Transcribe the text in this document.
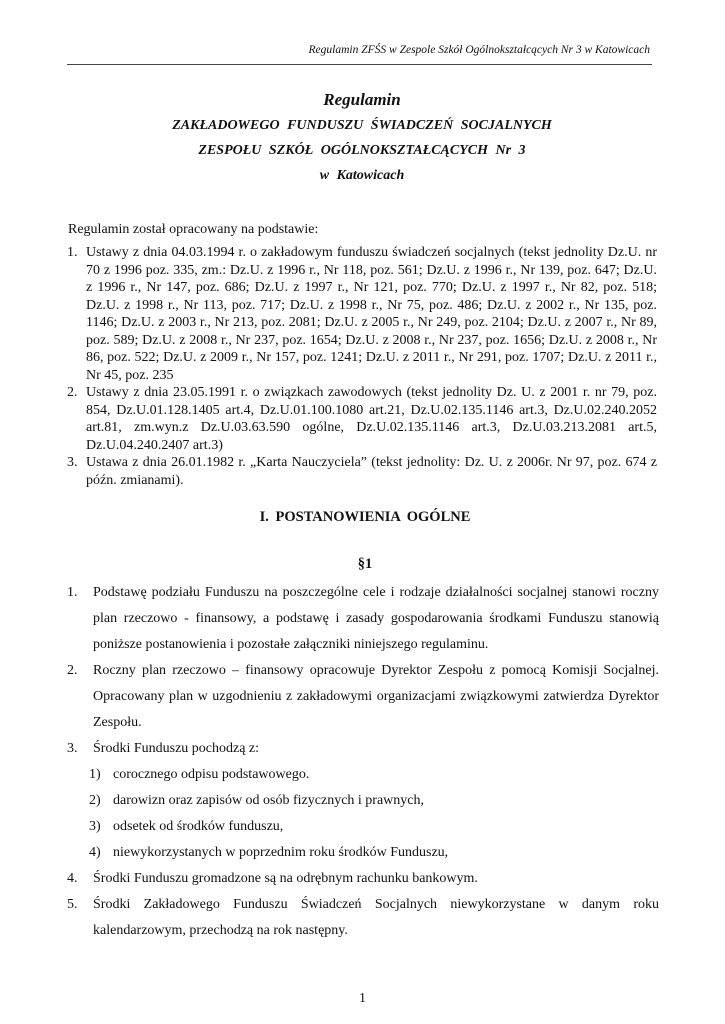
Regulamin ZFŚS w Zespole Szkół Ogólnokształcących Nr 3 w Katowicach
Regulamin
ZAKŁADOWEGO FUNDUSZU ŚWIADCZEŃ SOCJALNYCH
ZESPOŁU SZKÓŁ OGÓLNOKSZTAŁCĄCYCH Nr 3
w Katowicach
Regulamin został opracowany na podstawie:
1. Ustawy z dnia 04.03.1994 r. o zakładowym funduszu świadczeń socjalnych (tekst jednolity Dz.U. nr 70 z 1996 poz. 335, zm.: Dz.U. z 1996 r., Nr 118, poz. 561; Dz.U. z 1996 r., Nr 139, poz. 647; Dz.U. z 1996 r., Nr 147, poz. 686; Dz.U. z 1997 r., Nr 121, poz. 770; Dz.U. z 1997 r., Nr 82, poz. 518; Dz.U. z 1998 r., Nr 113, poz. 717; Dz.U. z 1998 r., Nr 75, poz. 486; Dz.U. z 2002 r., Nr 135, poz. 1146; Dz.U. z 2003 r., Nr 213, poz. 2081; Dz.U. z 2005 r., Nr 249, poz. 2104; Dz.U. z 2007 r., Nr 89, poz. 589; Dz.U. z 2008 r., Nr 237, poz. 1654; Dz.U. z 2008 r., Nr 237, poz. 1656; Dz.U. z 2008 r., Nr 86, poz. 522; Dz.U. z 2009 r., Nr 157, poz. 1241; Dz.U. z 2011 r., Nr 291, poz. 1707; Dz.U. z 2011 r., Nr 45, poz. 235
2. Ustawy z dnia 23.05.1991 r. o związkach zawodowych (tekst jednolity Dz. U. z 2001 r. nr 79, poz. 854, Dz.U.01.128.1405 art.4, Dz.U.01.100.1080 art.21, Dz.U.02.135.1146 art.3, Dz.U.02.240.2052 art.81, zm.wyn.z Dz.U.03.63.590 ogólne, Dz.U.02.135.1146 art.3, Dz.U.03.213.2081 art.5, Dz.U.04.240.2407 art.3)
3. Ustawa z dnia 26.01.1982 r. „Karta Nauczyciela” (tekst jednolity: Dz. U. z 2006r. Nr 97, poz. 674 z późn. zmianami).
I. POSTANOWIENIA OGÓLNE
§1
1.	Podstawę podziału Funduszu na poszczególne cele i rodzaje działalności socjalnej stanowi roczny plan rzeczowo - finansowy, a podstawę i zasady gospodarowania środkami Funduszu stanowią poniższe postanowienia i pozostałe załączniki niniejszego regulaminu.
2.	Roczny plan rzeczowo – finansowy opracowuje Dyrektor Zespołu z pomocą Komisji Socjalnej. Opracowany plan w uzgodnieniu z zakładowymi organizacjami związkowymi zatwierdza Dyrektor Zespołu.
3.	Środki Funduszu pochodzą z:
1) corocznego odpisu podstawowego.
2) darowizn oraz zapisów od osób fizycznych i prawnych,
3) odsetek od środków funduszu,
4) niewykorzystanych w poprzednim roku środków Funduszu,
4.	Środki Funduszu gromadzone są na odrębnym rachunku bankowym.
5.	Środki Zakładowego Funduszu Świadczeń Socjalnych niewykorzystane w danym roku kalendarzowym, przechodzą na rok następny.
1
